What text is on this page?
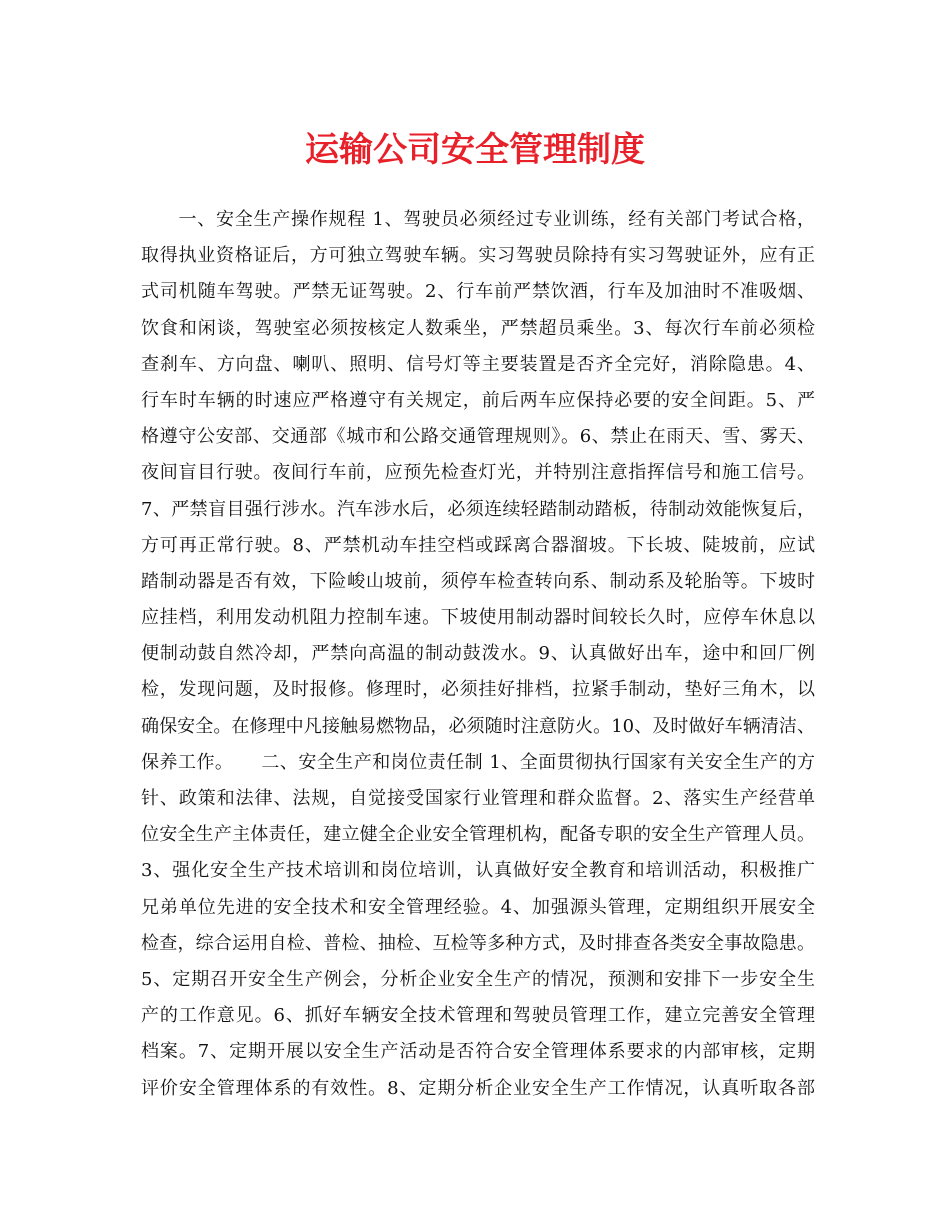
运输公司安全管理制度
　　一、安全生产操作规程 1、驾驶员必须经过专业训练，经有关部门考试合格，
取得执业资格证后，方可独立驾驶车辆。实习驾驶员除持有实习驾驶证外，应有正
式司机随车驾驶。严禁无证驾驶。2、行车前严禁饮酒，行车及加油时不准吸烟、
饮食和闲谈，驾驶室必须按核定人数乘坐，严禁超员乘坐。3、每次行车前必须检
查刹车、方向盘、喇叭、照明、信号灯等主要装置是否齐全完好，消除隐患。4、
行车时车辆的时速应严格遵守有关规定，前后两车应保持必要的安全间距。5、严
格遵守公安部、交通部《城市和公路交通管理规则》。6、禁止在雨天、雪、雾天、
夜间盲目行驶。夜间行车前，应预先检查灯光，并特别注意指挥信号和施工信号。
7、严禁盲目强行涉水。汽车涉水后，必须连续轻踏制动踏板，待制动效能恢复后，
方可再正常行驶。8、严禁机动车挂空档或踩离合器溜坡。下长坡、陡坡前，应试
踏制动器是否有效，下险峻山坡前，须停车检查转向系、制动系及轮胎等。下坡时
应挂档，利用发动机阻力控制车速。下坡使用制动器时间较长久时，应停车休息以
便制动鼓自然冷却，严禁向高温的制动鼓泼水。9、认真做好出车，途中和回厂例
检，发现问题，及时报修。修理时，必须挂好排档，拉紧手制动，垫好三角木，以
确保安全。在修理中凡接触易燃物品，必须随时注意防火。10、及时做好车辆清洁、
保养工作。　　二、安全生产和岗位责任制 1、全面贯彻执行国家有关安全生产的方
针、政策和法律、法规，自觉接受国家行业管理和群众监督。2、落实生产经营单
位安全生产主体责任，建立健全企业安全管理机构，配备专职的安全生产管理人员。
3、强化安全生产技术培训和岗位培训，认真做好安全教育和培训活动，积极推广
兄弟单位先进的安全技术和安全管理经验。4、加强源头管理，定期组织开展安全
检查，综合运用自检、普检、抽检、互检等多种方式，及时排查各类安全事故隐患。
5、定期召开安全生产例会，分析企业安全生产的情况，预测和安排下一步安全生
产的工作意见。6、抓好车辆安全技术管理和驾驶员管理工作，建立完善安全管理
档案。7、定期开展以安全生产活动是否符合安全管理体系要求的内部审核，定期
评价安全管理体系的有效性。8、定期分析企业安全生产工作情况，认真听取各部
